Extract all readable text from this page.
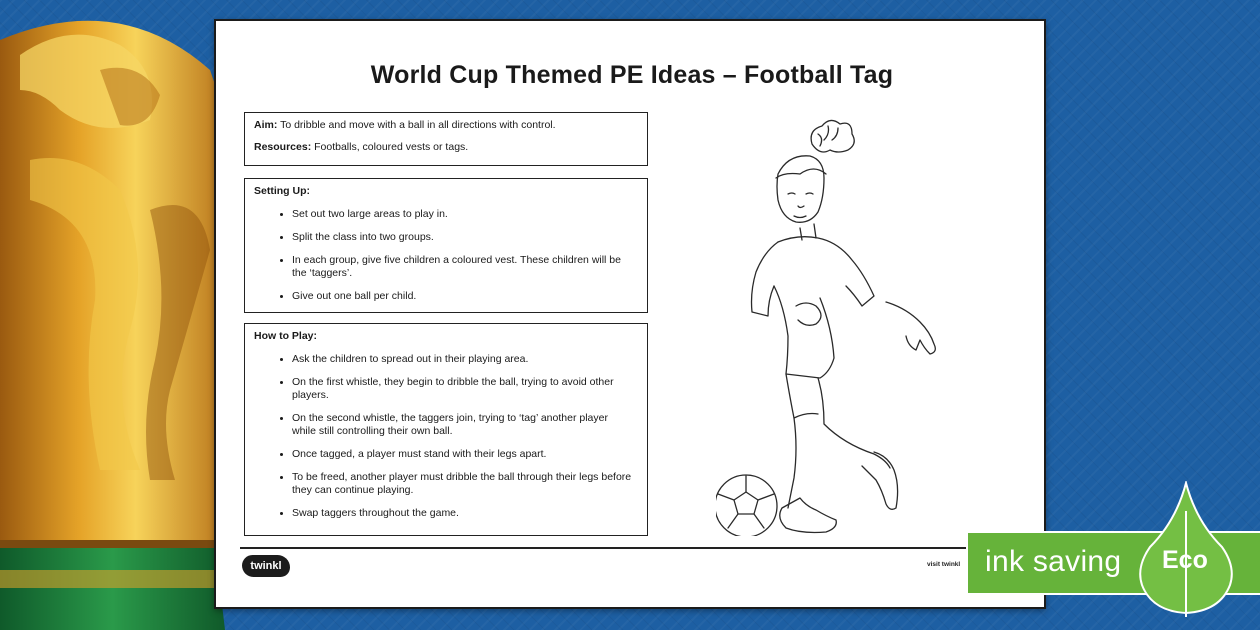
World Cup Themed PE Ideas – Football Tag

Aim: To dribble and move with a ball in all directions with control.

Resources: Footballs, coloured vests or tags.

Setting Up:
Set out two large areas to play in.
Split the class into two groups.
In each group, give five children a coloured vest. These children will be the ‘taggers’.
Give out one ball per child.
How to Play:
Ask the children to spread out in their playing area.
On the first whistle, they begin to dribble the ball, trying to avoid other players.
On the second whistle, the taggers join, trying to ‘tag’ another player while still controlling their own ball.
Once tagged, a player must stand with their legs apart.
To be freed, another player must dribble the ball through their legs before they can continue playing.
Swap taggers throughout the game.
twinkl	visit twinkl ink saving Eco
